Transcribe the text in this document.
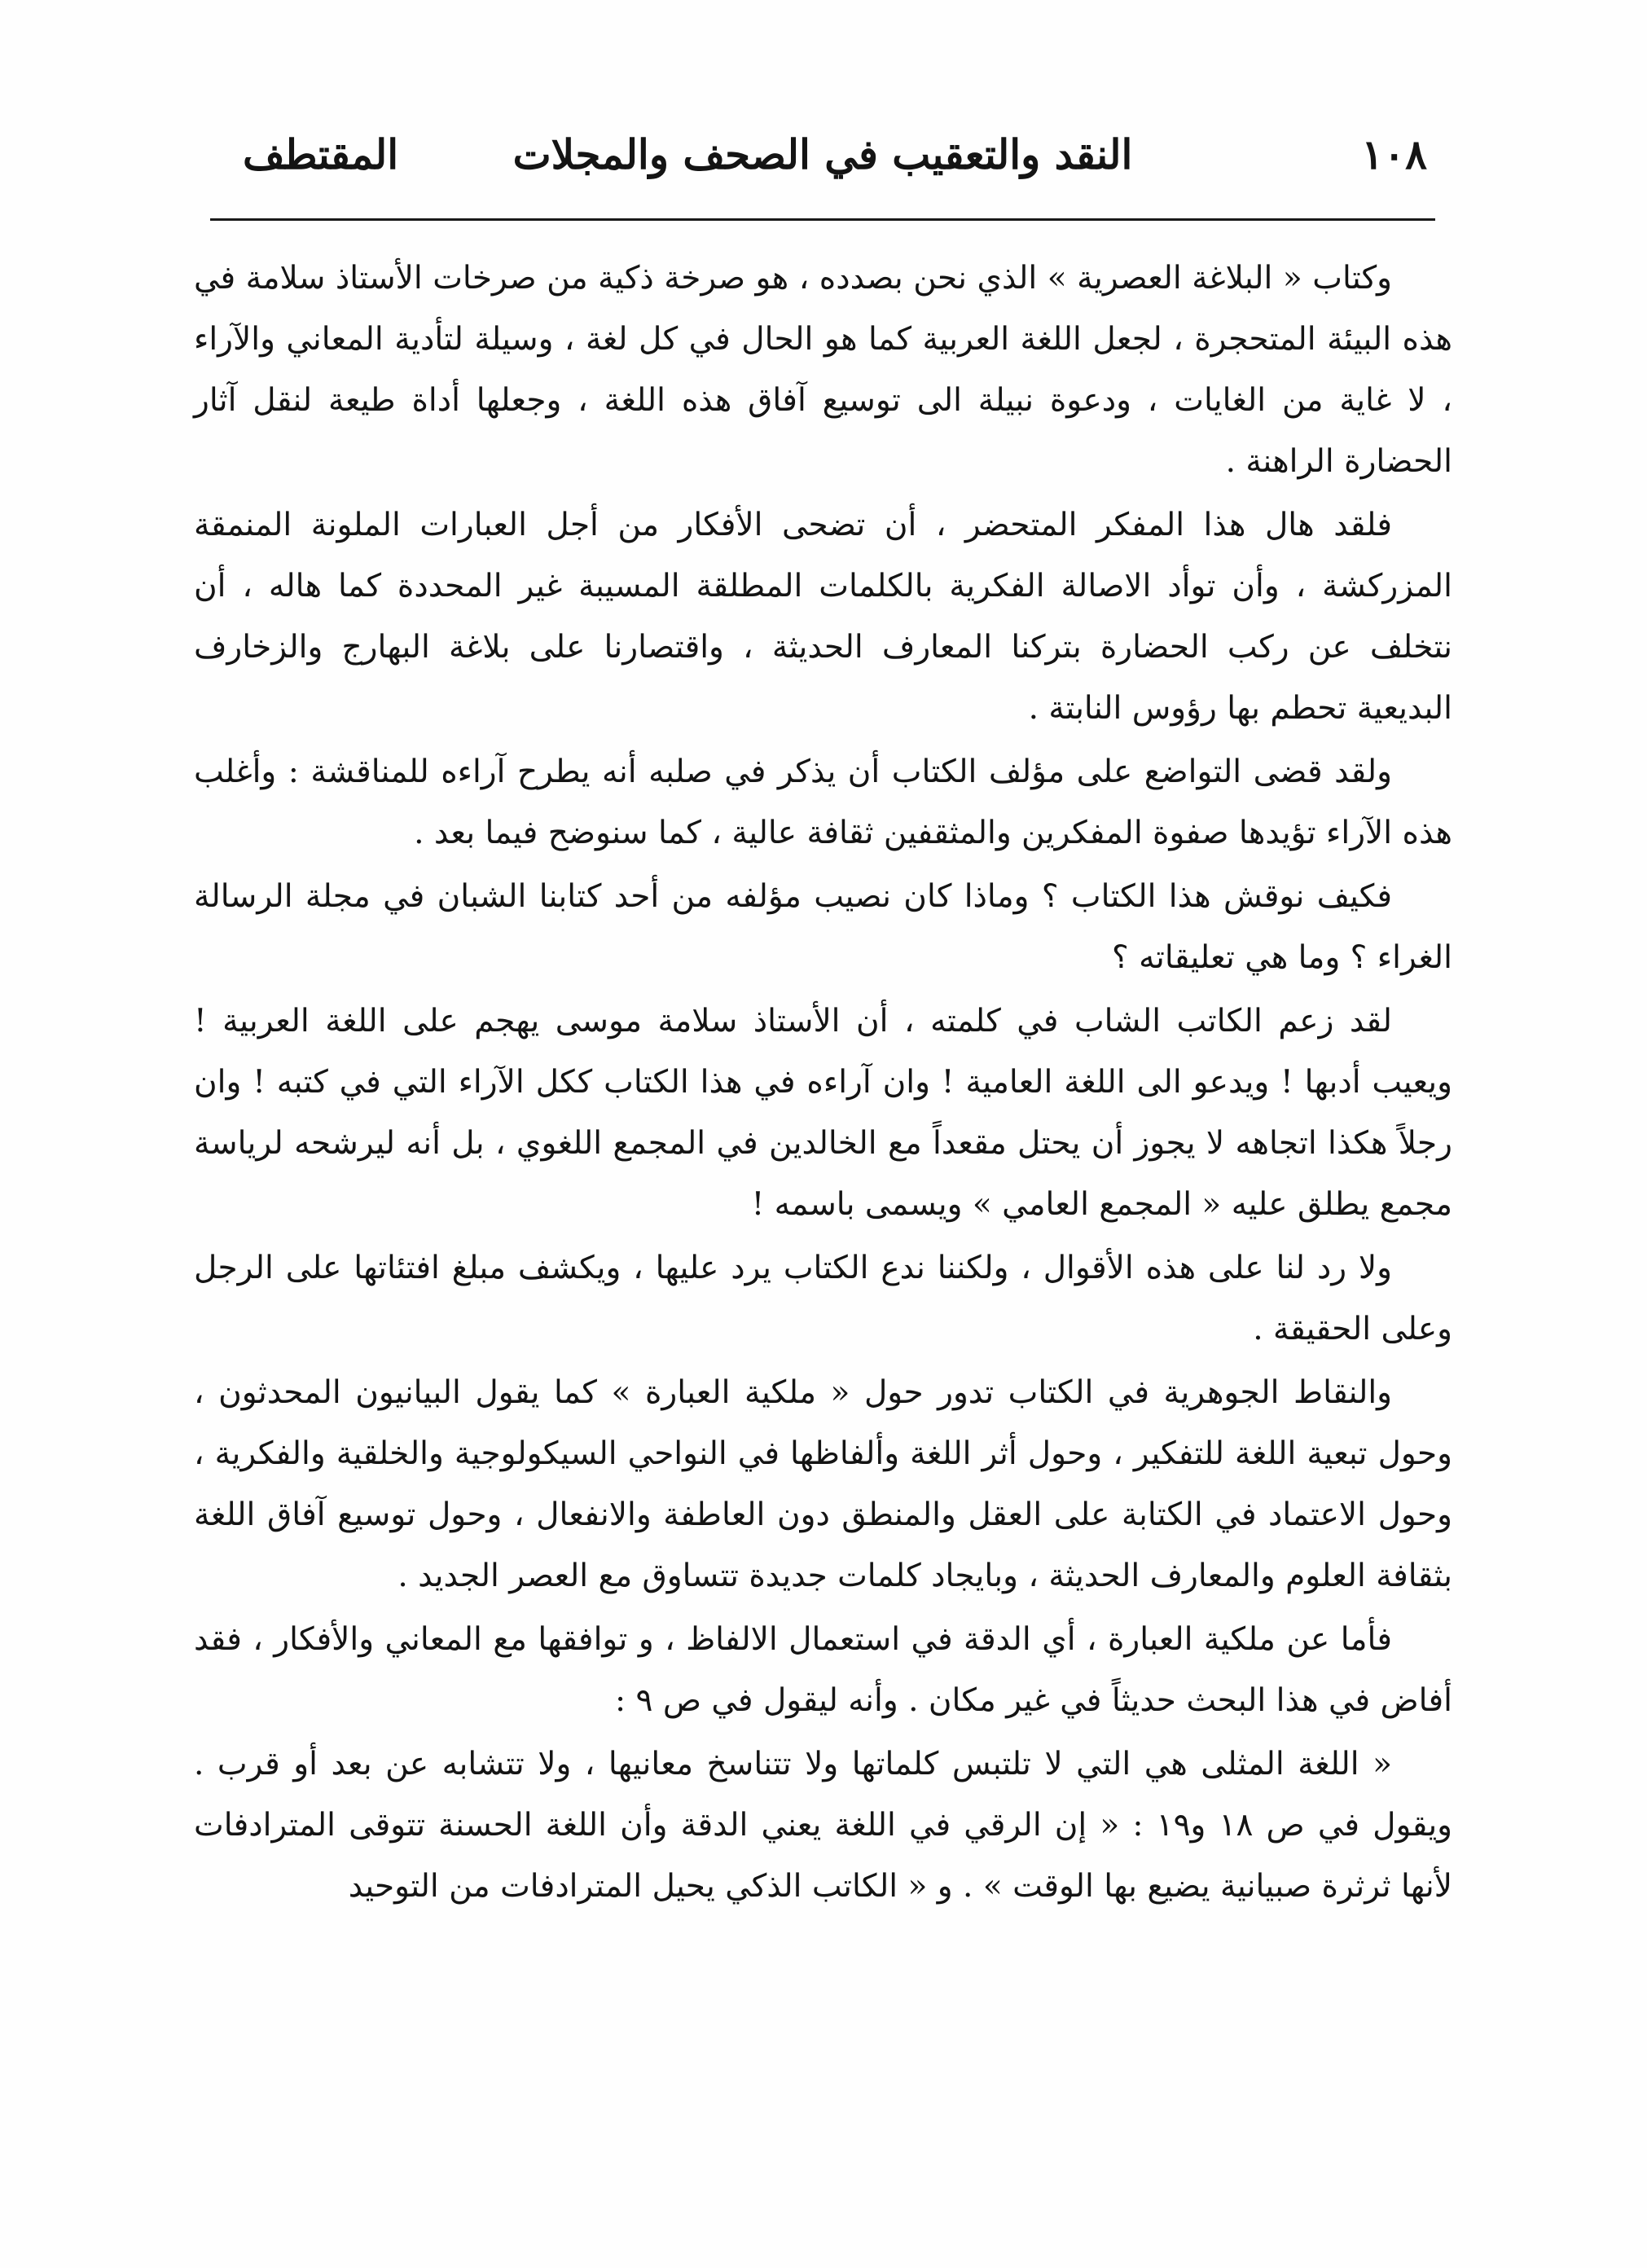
١٠٨
النقد والتعقيب في الصحف والمجلات
المقتطف

وكتاب « البلاغة العصرية » الذي نحن بصدده ، هو صرخة ذكية من صرخات الأستاذ سلامة في هذه البيئة المتحجرة ، لجعل اللغة العربية كما هو الحال في كل لغة ، وسيلة لتأدية المعاني والآراء ، لا غاية من الغايات ، ودعوة نبيلة الى توسيع آفاق هذه اللغة ، وجعلها أداة طيعة لنقل آثار الحضارة الراهنة .

فلقد هال هذا المفكر المتحضر ، أن تضحى الأفكار من أجل العبارات الملونة المنمقة المزركشة ، وأن توأد الاصالة الفكرية بالكلمات المطلقة المسيبة غير المحددة كما هاله ، أن نتخلف عن ركب الحضارة بتركنا المعارف الحديثة ، واقتصارنا على بلاغة البهارج والزخارف البديعية تحطم بها رؤوس النابتة .

ولقد قضى التواضع على مؤلف الكتاب أن يذكر في صلبه أنه يطرح آراءه للمناقشة : وأغلب هذه الآراء تؤيدها صفوة المفكرين والمثقفين ثقافة عالية ، كما سنوضح فيما بعد .

فكيف نوقش هذا الكتاب ؟ وماذا كان نصيب مؤلفه من أحد كتابنا الشبان في مجلة الرسالة الغراء ؟ وما هي تعليقاته ؟

لقد زعم الكاتب الشاب في كلمته ، أن الأستاذ سلامة موسى يهجم على اللغة العربية ! ويعيب أدبها ! ويدعو الى اللغة العامية ! وان آراءه في هذا الكتاب ككل الآراء التي في كتبه ! وان رجلاً هكذا اتجاهه لا يجوز أن يحتل مقعداً مع الخالدين في المجمع اللغوي ، بل أنه ليرشحه لرياسة مجمع يطلق عليه « المجمع العامي » ويسمى باسمه !

ولا رد لنا على هذه الأقوال ، ولكننا ندع الكتاب يرد عليها ، ويكشف مبلغ افتئاتها على الرجل وعلى الحقيقة .

والنقاط الجوهرية في الكتاب تدور حول « ملكية العبارة » كما يقول البيانيون المحدثون ، وحول تبعية اللغة للتفكير ، وحول أثر اللغة وألفاظها في النواحي السيكولوجية والخلقية والفكرية ، وحول الاعتماد في الكتابة على العقل والمنطق دون العاطفة والانفعال ، وحول توسيع آفاق اللغة بثقافة العلوم والمعارف الحديثة ، وبايجاد كلمات جديدة تتساوق مع العصر الجديد .

فأما عن ملكية العبارة ، أي الدقة في استعمال الالفاظ ، و توافقها مع المعاني والأفكار ، فقد أفاض في هذا البحث حديثاً في غير مكان . وأنه ليقول في ص ٩ :

« اللغة المثلى هي التي لا تلتبس كلماتها ولا تتناسخ معانيها ، ولا تتشابه عن بعد أو قرب . ويقول في ص ١٨ و١٩ : « إن الرقي في اللغة يعني الدقة وأن اللغة الحسنة تتوقى المترادفات لأنها ثرثرة صبيانية يضيع بها الوقت » . و « الكاتب الذكي يحيل المترادفات من التوحيد
